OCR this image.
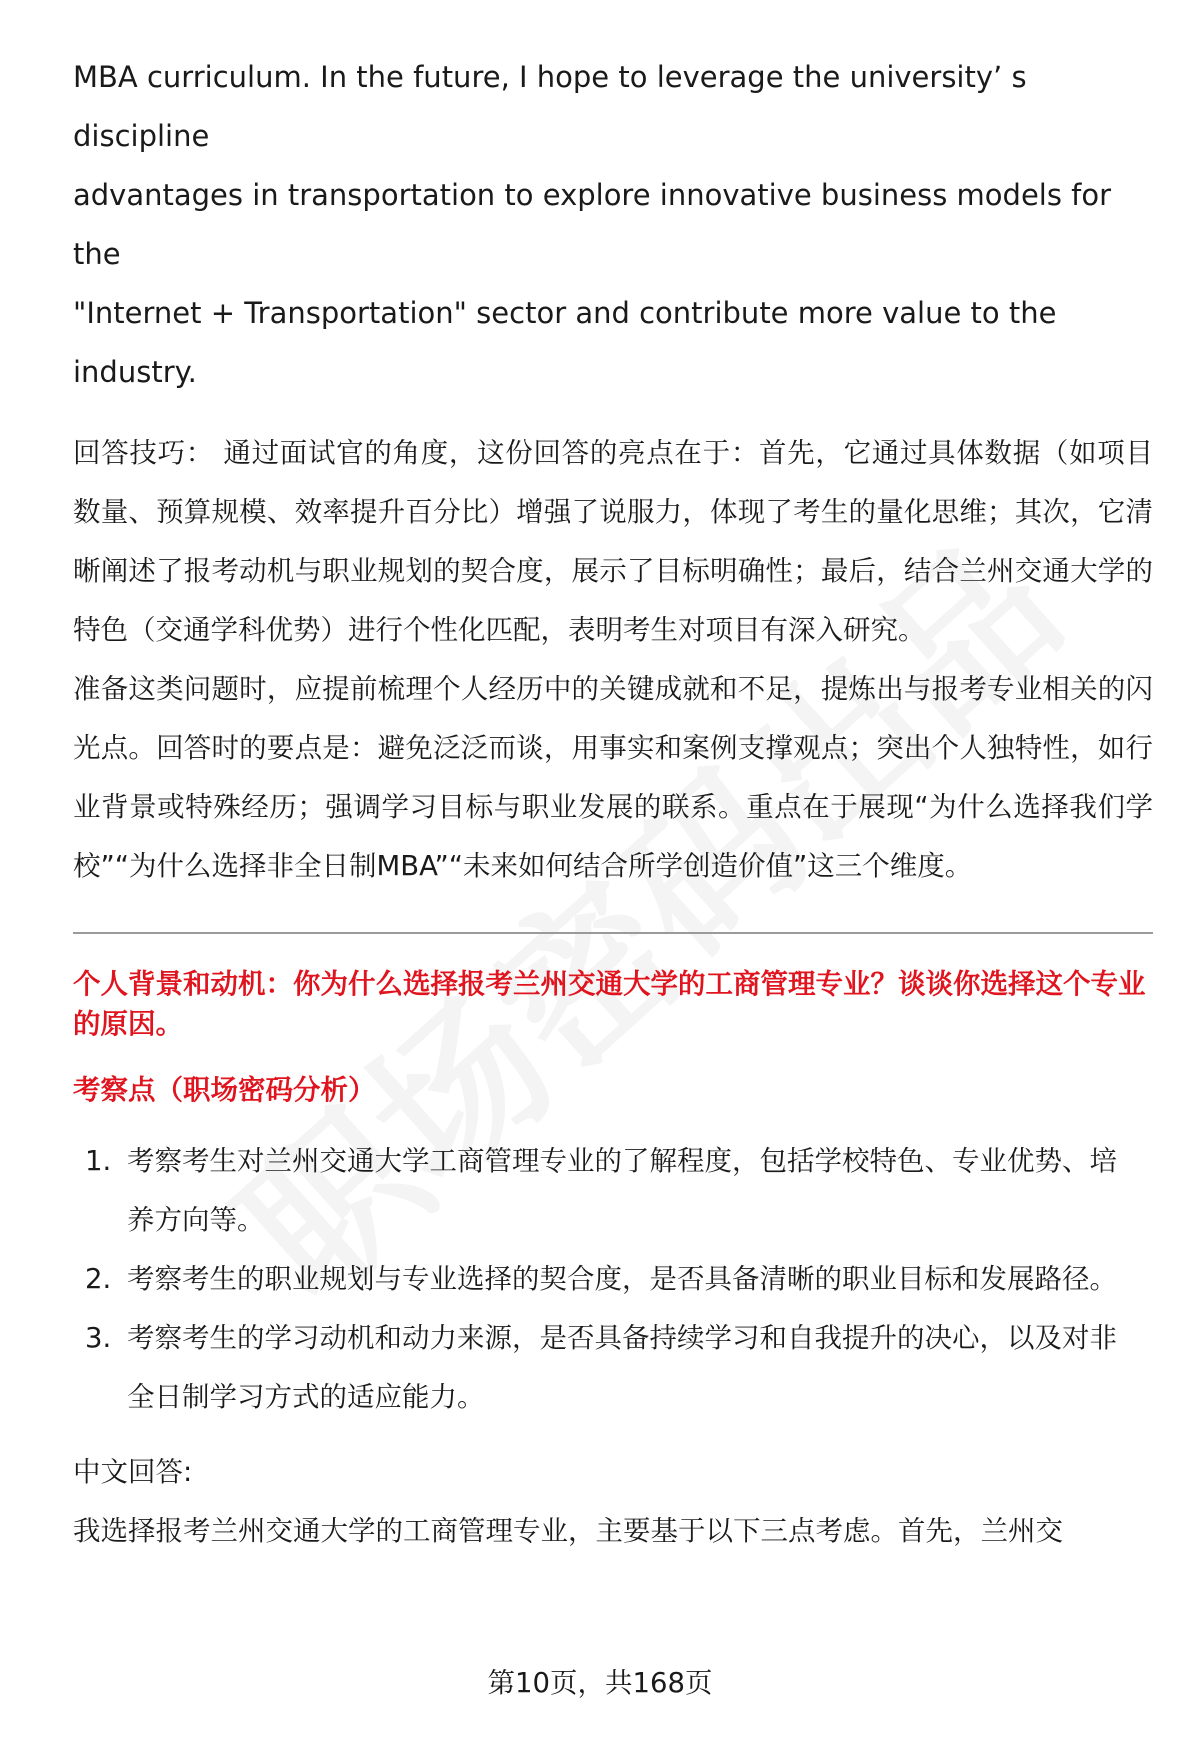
MBA curriculum. In the future, I hope to leverage the university’ s discipline
advantages in transportation to explore innovative business models for the
"Internet + Transportation" sector and contribute more value to the
industry.

回答技巧： 通过面试官的角度，这份回答的亮点在于：首先，它通过具体数据（如项目数量、预算规模、效率提升百分比）增强了说服力，体现了考生的量化思维；其次，它清晰阐述了报考动机与职业规划的契合度，展示了目标明确性；最后，结合兰州交通大学的特色（交通学科优势）进行个性化匹配，表明考生对项目有深入研究。

准备这类问题时，应提前梳理个人经历中的关键成就和不足，提炼出与报考专业相关的闪光点。回答时的要点是：避免泛泛而谈，用事实和案例支撑观点；突出个人独特性，如行业背景或特殊经历；强调学习目标与职业发展的联系。重点在于展现“为什么选择我们学校”“为什么选择非全日制MBA”“未来如何结合所学创造价值”这三个维度。

个人背景和动机：你为什么选择报考兰州交通大学的工商管理专业？谈谈你选择这个专业的原因。

考察点（职场密码分析）

1. 考察考生对兰州交通大学工商管理专业的了解程度，包括学校特色、专业优势、培养方向等。
2. 考察考生的职业规划与专业选择的契合度，是否具备清晰的职业目标和发展路径。
3. 考察考生的学习动机和动力来源，是否具备持续学习和自我提升的决心，以及对非全日制学习方式的适应能力。

中文回答:

我选择报考兰州交通大学的工商管理专业，主要基于以下三点考虑。首先，兰州交

第10页，共168页
